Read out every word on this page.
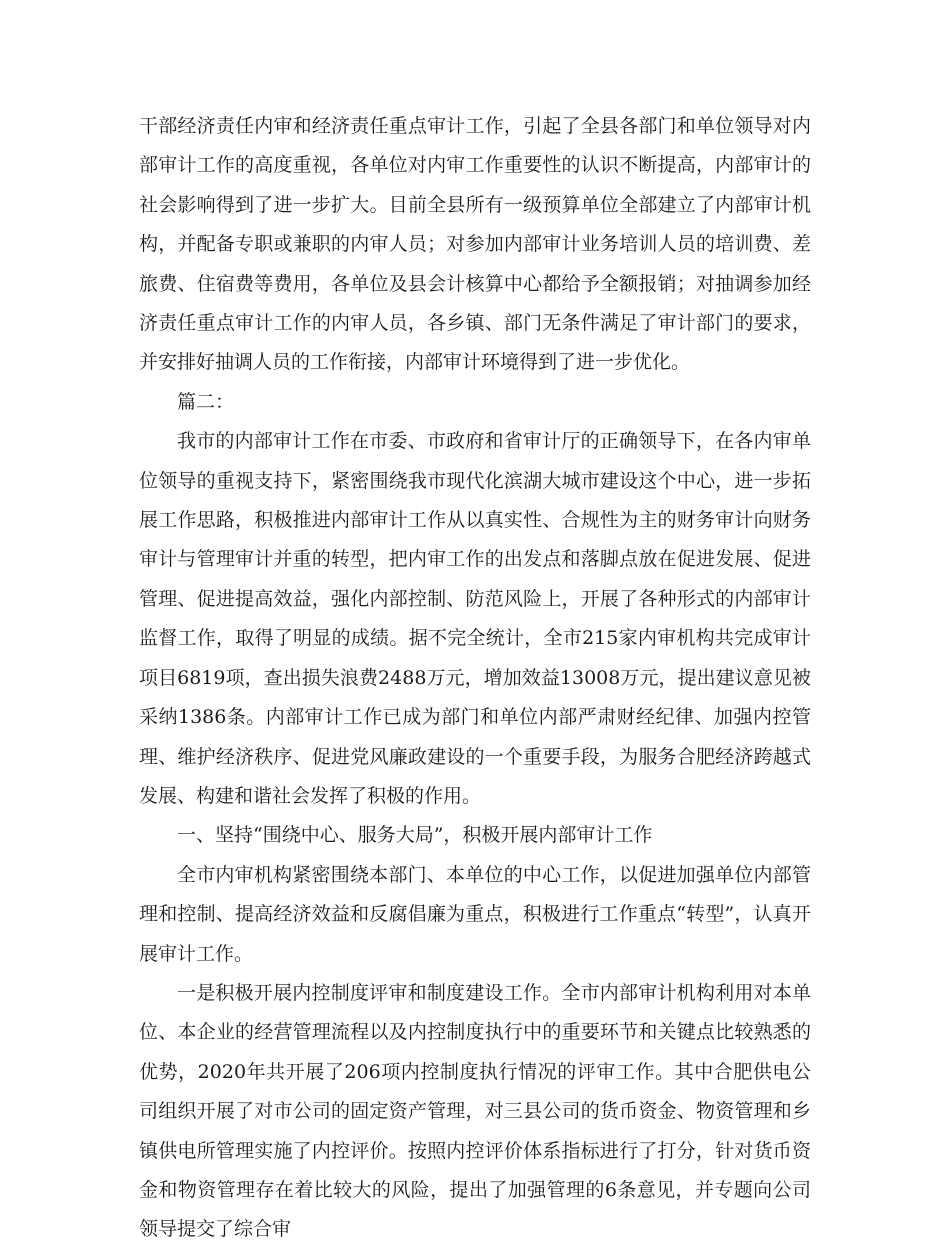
干部经济责任内审和经济责任重点审计工作，引起了全县各部门和单位领导对内部审计工作的高度重视，各单位对内审工作重要性的认识不断提高，内部审计的社会影响得到了进一步扩大。目前全县所有一级预算单位全部建立了内部审计机构，并配备专职或兼职的内审人员；对参加内部审计业务培训人员的培训费、差旅费、住宿费等费用，各单位及县会计核算中心都给予全额报销；对抽调参加经济责任重点审计工作的内审人员，各乡镇、部门无条件满足了审计部门的要求，并安排好抽调人员的工作衔接，内部审计环境得到了进一步优化。

篇二：

我市的内部审计工作在市委、市政府和省审计厅的正确领导下，在各内审单位领导的重视支持下，紧密围绕我市现代化滨湖大城市建设这个中心，进一步拓展工作思路，积极推进内部审计工作从以真实性、合规性为主的财务审计向财务审计与管理审计并重的转型，把内审工作的出发点和落脚点放在促进发展、促进管理、促进提高效益，强化内部控制、防范风险上，开展了各种形式的内部审计监督工作，取得了明显的成绩。据不完全统计，全市215家内审机构共完成审计项目6819项，查出损失浪费2488万元，增加效益13008万元，提出建议意见被采纳1386条。内部审计工作已成为部门和单位内部严肃财经纪律、加强内控管理、维护经济秩序、促进党风廉政建设的一个重要手段，为服务合肥经济跨越式发展、构建和谐社会发挥了积极的作用。

一、坚持“围绕中心、服务大局”，积极开展内部审计工作

全市内审机构紧密围绕本部门、本单位的中心工作，以促进加强单位内部管理和控制、提高经济效益和反腐倡廉为重点，积极进行工作重点“转型”，认真开展审计工作。

一是积极开展内控制度评审和制度建设工作。全市内部审计机构利用对本单位、本企业的经营管理流程以及内控制度执行中的重要环节和关键点比较熟悉的优势，2020年共开展了206项内控制度执行情况的评审工作。其中合肥供电公司组织开展了对市公司的固定资产管理，对三县公司的货币资金、物资管理和乡镇供电所管理实施了内控评价。按照内控评价体系指标进行了打分，针对货币资金和物资管理存在着比较大的风险，提出了加强管理的6条意见，并专题向公司领导提交了综合审
